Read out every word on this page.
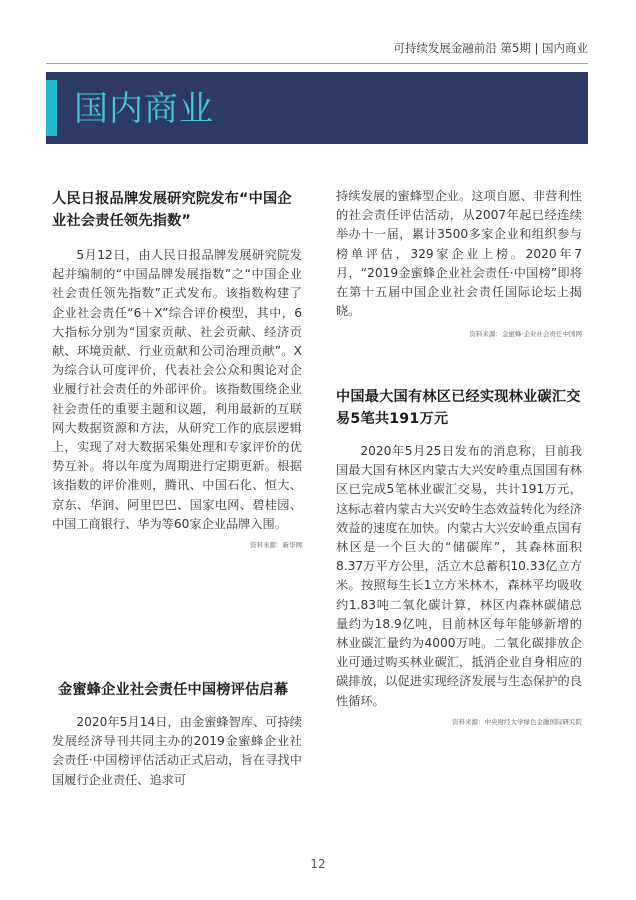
可持续发展金融前沿 第5期 | 国内商业
国内商业
人民日报品牌发展研究院发布“中国企业社会责任领先指数”

5月12日，由人民日报品牌发展研究院发起并编制的“中国品牌发展指数”之“中国企业社会责任领先指数”正式发布。该指数构建了企业社会责任“6＋X”综合评价模型，其中，6大指标分别为“国家贡献、社会贡献、经济贡献、环境贡献、行业贡献和公司治理贡献”。X为综合认可度评价，代表社会公众和舆论对企业履行社会责任的外部评价。该指数围绕企业社会责任的重要主题和议题，利用最新的互联网大数据资源和方法，从研究工作的底层逻辑上，实现了对大数据采集处理和专家评价的优势互补。将以年度为周期进行定期更新。根据该指数的评价准则，腾讯、中国石化、恒大、京东、华润、阿里巴巴、国家电网、碧桂园、中国工商银行、华为等60家企业品牌入围。

资料来源：新华网
金蜜蜂企业社会责任中国榜评估启幕

2020年5月14日，由金蜜蜂智库、可持续发展经济导刊共同主办的2019金蜜蜂企业社会责任·中国榜评估活动正式启动，旨在寻找中国履行企业责任、追求可

持续发展的蜜蜂型企业。这项自愿、非营利性的社会责任评估活动，从2007年起已经连续举办十一届，累计3500多家企业和组织参与榜单评估，329家企业上榜。2020年7月，“2019金蜜蜂企业社会责任·中国榜”即将在第十五届中国企业社会责任国际论坛上揭晓。

资料来源：金蜜蜂·企业社会责任中国网
中国最大国有林区已经实现林业碳汇交易5笔共191万元

2020年5月25日发布的消息称，目前我国最大国有林区内蒙古大兴安岭重点国国有林区已完成5笔林业碳汇交易，共计191万元，这标志着内蒙古大兴安岭生态效益转化为经济效益的速度在加快。内蒙古大兴安岭重点国有林区是一个巨大的“储碳库”，其森林面积8.37万平方公里，活立木总蓄积10.33亿立方米。按照每生长1立方米林木，森林平均吸收约1.83吨二氧化碳计算，林区内森林碳储总量约为18.9亿吨，目前林区每年能够新增的林业碳汇量约为4000万吨。二氧化碳排放企业可通过购买林业碳汇，抵消企业自身相应的碳排放，以促进实现经济发展与生态保护的良性循环。

资料来源：中央财经大学绿色金融国际研究院
12
